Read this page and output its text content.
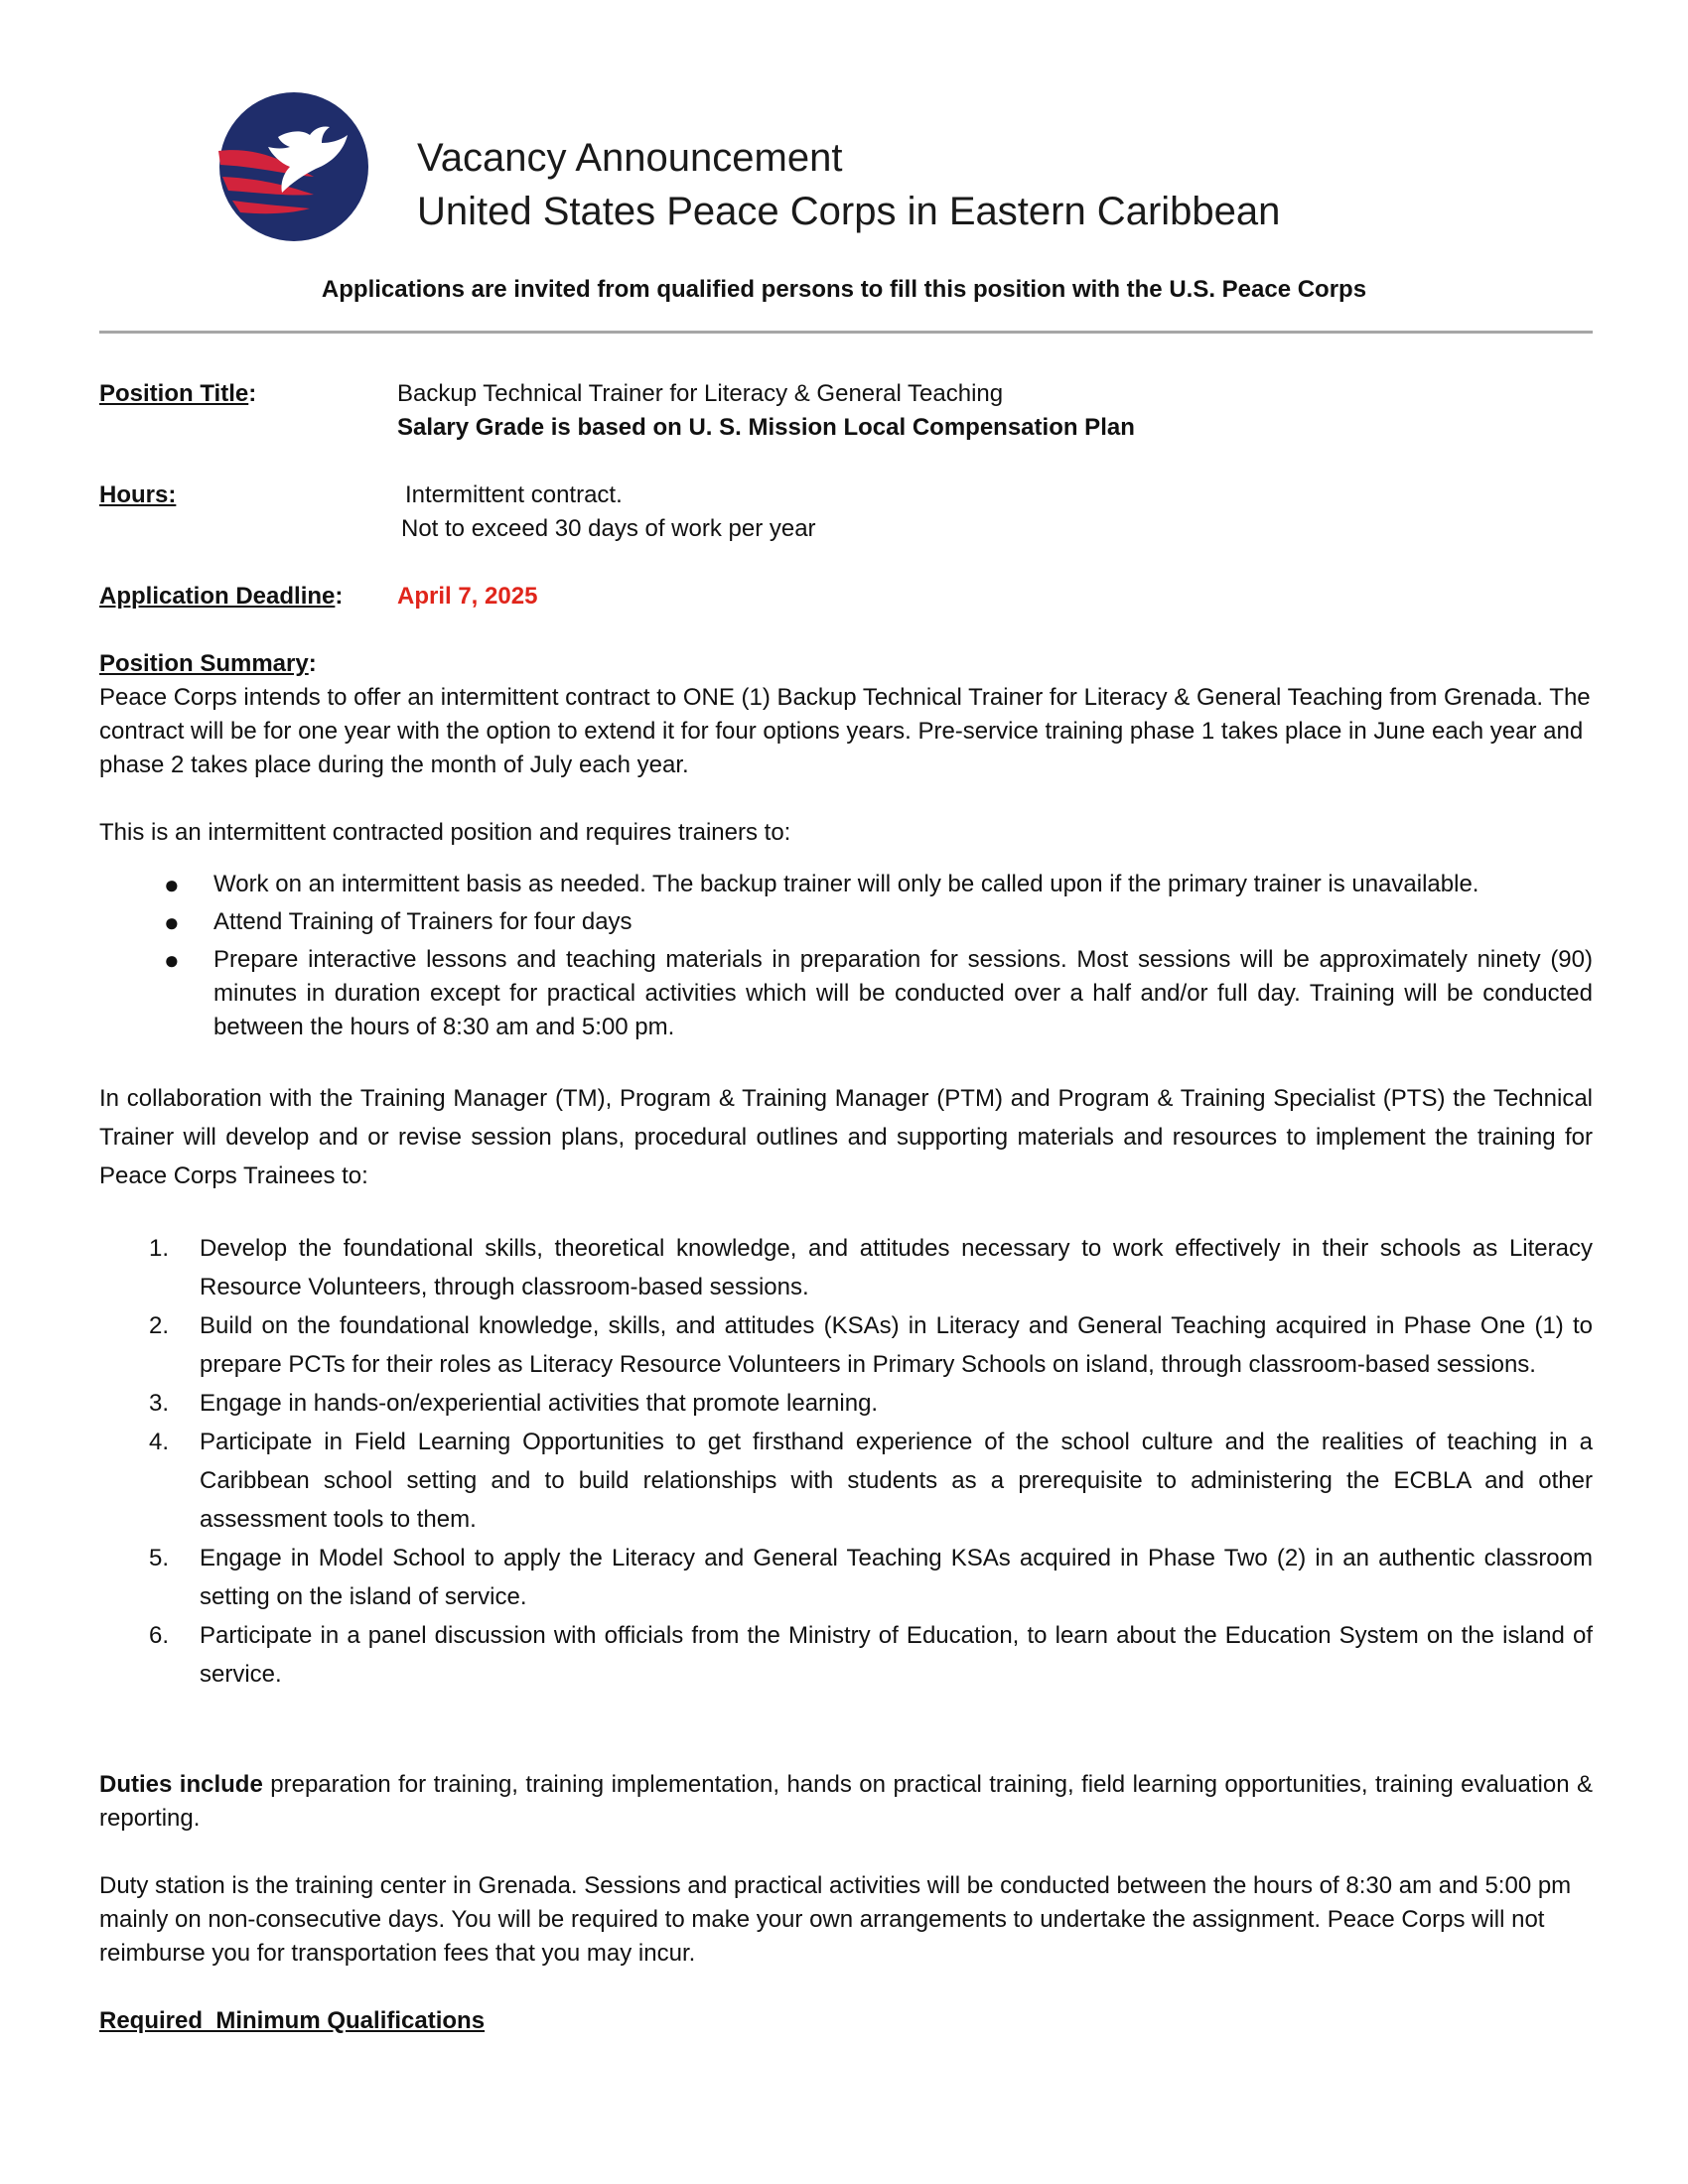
Vacancy Announcement
United States Peace Corps in Eastern Caribbean
Applications are invited from qualified persons to fill this position with the U.S. Peace Corps
Position Title:	Backup Technical Trainer for Literacy & General Teaching
Salary Grade is based on U. S. Mission Local Compensation Plan
Hours:	Intermittent contract.
Not to exceed 30 days of work per year
Application Deadline: April 7, 2025
Position Summary:
Peace Corps intends to offer an intermittent contract to ONE (1) Backup Technical Trainer for Literacy & General Teaching from Grenada. The contract will be for one year with the option to extend it for four options years. Pre-service training phase 1 takes place in June each year and phase 2 takes place during the month of July each year.
This is an intermittent contracted position and requires trainers to:
● Work on an intermittent basis as needed. The backup trainer will only be called upon if the primary trainer is unavailable.
● Attend Training of Trainers for four days
● Prepare interactive lessons and teaching materials in preparation for sessions. Most sessions will be approximately ninety (90) minutes in duration except for practical activities which will be conducted over a half and/or full day. Training will be conducted between the hours of 8:30 am and 5:00 pm.
In collaboration with the Training Manager (TM), Program & Training Manager (PTM) and Program & Training Specialist (PTS) the Technical Trainer will develop and or revise session plans, procedural outlines and supporting materials and resources to implement the training for Peace Corps Trainees to:
1. Develop the foundational skills, theoretical knowledge, and attitudes necessary to work effectively in their schools as Literacy Resource Volunteers, through classroom-based sessions.
2. Build on the foundational knowledge, skills, and attitudes (KSAs) in Literacy and General Teaching acquired in Phase One (1) to prepare PCTs for their roles as Literacy Resource Volunteers in Primary Schools on island, through classroom-based sessions.
3. Engage in hands-on/experiential activities that promote learning.
4. Participate in Field Learning Opportunities to get firsthand experience of the school culture and the realities of teaching in a Caribbean school setting and to build relationships with students as a prerequisite to administering the ECBLA and other assessment tools to them.
5. Engage in Model School to apply the Literacy and General Teaching KSAs acquired in Phase Two (2) in an authentic classroom setting on the island of service.
6. Participate in a panel discussion with officials from the Ministry of Education, to learn about the Education System on the island of service.
Duties include preparation for training, training implementation, hands on practical training, field learning opportunities, training evaluation & reporting.
Duty station is the training center in Grenada. Sessions and practical activities will be conducted between the hours of 8:30 am and 5:00 pm mainly on non-consecutive days. You will be required to make your own arrangements to undertake the assignment. Peace Corps will not reimburse you for transportation fees that you may incur.
Required  Minimum Qualifications
